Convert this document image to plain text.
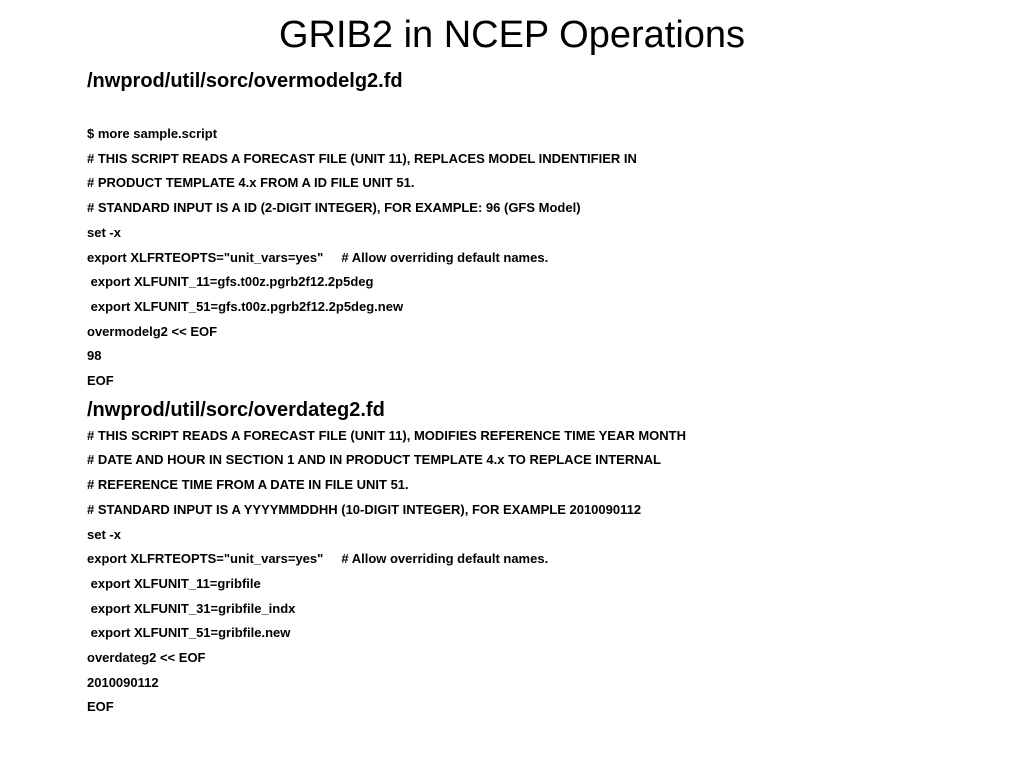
GRIB2 in NCEP Operations
/nwprod/util/sorc/overmodelg2.fd
$ more sample.script
# THIS SCRIPT READS A FORECAST FILE (UNIT 11), REPLACES MODEL INDENTIFIER IN
# PRODUCT TEMPLATE 4.x FROM A ID FILE UNIT 51.
# STANDARD INPUT IS A ID (2-DIGIT INTEGER), FOR EXAMPLE: 96 (GFS Model)
set -x
export XLFRTEOPTS="unit_vars=yes"     # Allow overriding default names.
export XLFUNIT_11=gfs.t00z.pgrb2f12.2p5deg
export XLFUNIT_51=gfs.t00z.pgrb2f12.2p5deg.new
overmodelg2 << EOF
98
EOF
/nwprod/util/sorc/overdateg2.fd
# THIS SCRIPT READS A FORECAST FILE (UNIT 11), MODIFIES REFERENCE TIME YEAR MONTH
# DATE AND HOUR IN SECTION 1 AND IN PRODUCT TEMPLATE 4.x TO REPLACE INTERNAL
# REFERENCE TIME FROM A DATE IN FILE UNIT 51.
# STANDARD INPUT IS A YYYYMMDDHH (10-DIGIT INTEGER), FOR EXAMPLE 2010090112
set -x
export XLFRTEOPTS="unit_vars=yes"     # Allow overriding default names.
export XLFUNIT_11=gribfile
export XLFUNIT_31=gribfile_indx
export XLFUNIT_51=gribfile.new
overdateg2 << EOF
2010090112
EOF
